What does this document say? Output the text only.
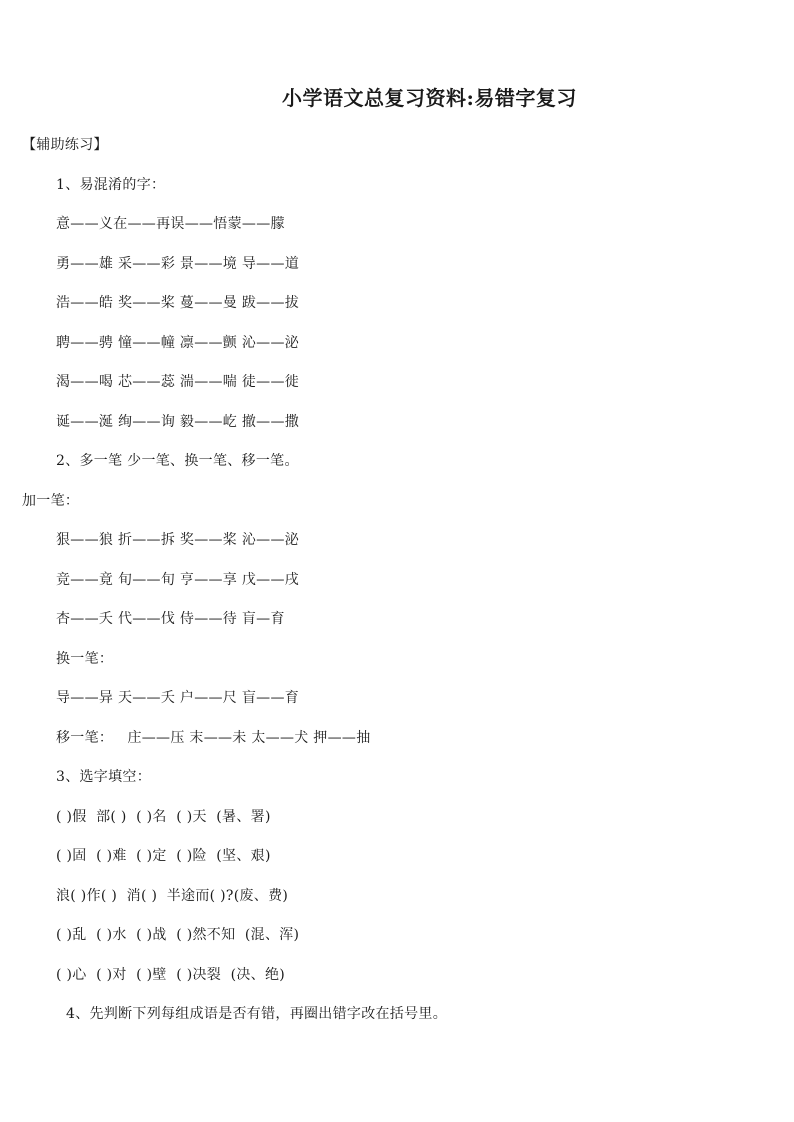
小学语文总复习资料:易错字复习
【辅助练习】
1、易混淆的字：
意——义在——再误——悟蒙——朦
勇——雄 采——彩 景——境 导——道
浩——皓 奖——桨 蔓——曼 跋——拔
聘——骋 憧——幢 凛——颤 沁——泌
渴——喝 芯——蕊 湍——喘 徒——徙
诞——涎 绚——询 毅——屹 撤——撒
2、多一笔 少一笔、换一笔、移一笔。
加一笔：
狠——狼 折——拆 奖——桨 沁——泌
竞——竟 旬——旬 亨——享 戊——戌
杏——夭 代——伐 侍——待 肓—育
换一笔：
导——异 天——夭 户——尺 盲——育
移一笔：   庄——压 末——未 太——犬 押——抽
3、选字填空：
( )假  部( )  ( )名  ( )天  (暑、署)
( )固  ( )难  ( )定  ( )险  (坚、艰)
浪( )作( )  消( )  半途而( )?(废、费)
( )乱  ( )水  ( )战  ( )然不知  (混、浑)
( )心  ( )对  ( )壁  ( )决裂  (决、绝)
4、先判断下列每组成语是否有错，再圈出错字改在括号里。
